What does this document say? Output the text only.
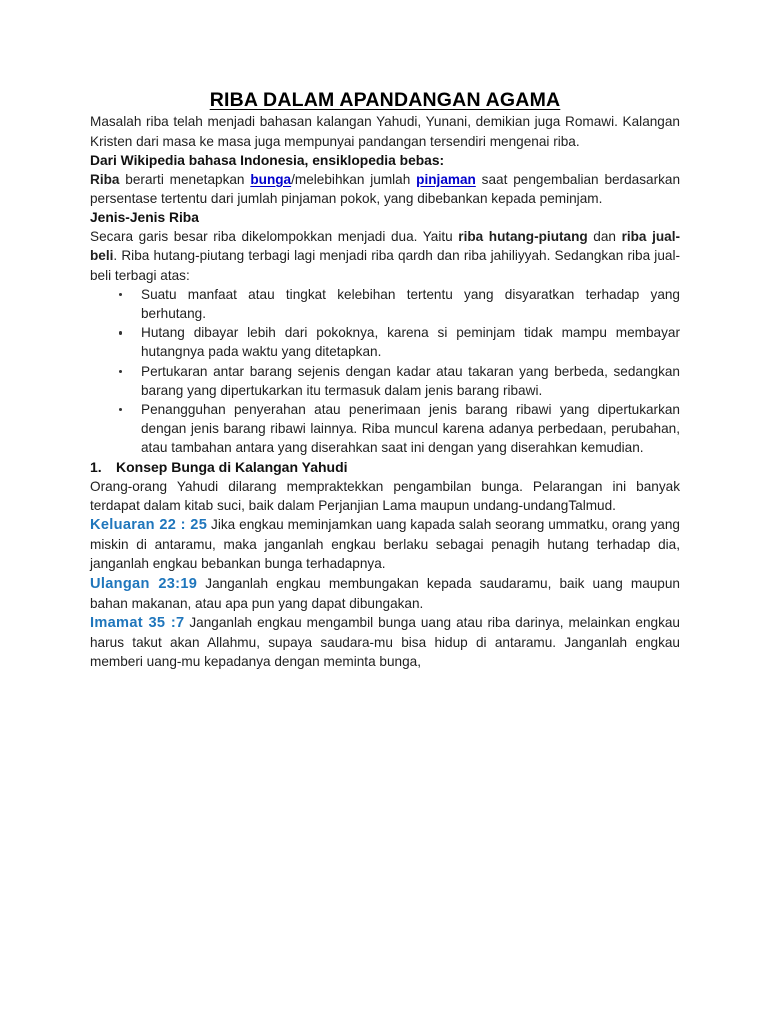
RIBA DALAM APANDANGAN AGAMA

Masalah riba telah menjadi bahasan kalangan Yahudi, Yunani, demikian juga Romawi. Kalangan Kristen dari masa ke masa juga mempunyai pandangan tersendiri mengenai riba.

Dari Wikipedia bahasa Indonesia, ensiklopedia bebas:

Riba berarti menetapkan bunga/melebihkan jumlah pinjaman saat pengembalian berdasarkan persentase tertentu dari jumlah pinjaman pokok, yang dibebankan kepada peminjam.

Jenis-Jenis Riba

Secara garis besar riba dikelompokkan menjadi dua. Yaitu riba hutang-piutang dan riba jual-beli. Riba hutang-piutang terbagi lagi menjadi riba qardh dan riba jahiliyyah. Sedangkan riba jual-beli terbagi atas:

Suatu manfaat atau tingkat kelebihan tertentu yang disyaratkan terhadap yang berhutang.
Hutang dibayar lebih dari pokoknya, karena si peminjam tidak mampu membayar hutangnya pada waktu yang ditetapkan.
Pertukaran antar barang sejenis dengan kadar atau takaran yang berbeda, sedangkan barang yang dipertukarkan itu termasuk dalam jenis barang ribawi.
Penangguhan penyerahan atau penerimaan jenis barang ribawi yang dipertukarkan dengan jenis barang ribawi lainnya. Riba muncul karena adanya perbedaan, perubahan, atau tambahan antara yang diserahkan saat ini dengan yang diserahkan kemudian.
1.	Konsep Bunga di Kalangan Yahudi

Orang-orang Yahudi dilarang mempraktekkan pengambilan bunga. Pelarangan ini banyak terdapat dalam kitab suci, baik dalam Perjanjian Lama maupun undang-undangTalmud.

Keluaran 22 : 25 Jika engkau meminjamkan uang kapada salah seorang ummatku, orang yang miskin di antaramu, maka janganlah engkau berlaku sebagai penagih hutang terhadap dia, janganlah engkau bebankan bunga terhadapnya.

Ulangan 23:19 Janganlah engkau membungakan kepada saudaramu, baik uang maupun bahan makanan, atau apa pun yang dapat dibungakan.

Imamat 35 :7 Janganlah engkau mengambil bunga uang atau riba darinya, melainkan engkau harus takut akan Allahmu, supaya saudara-mu bisa hidup di antaramu. Janganlah engkau memberi uang-mu kepadanya dengan meminta bunga,
